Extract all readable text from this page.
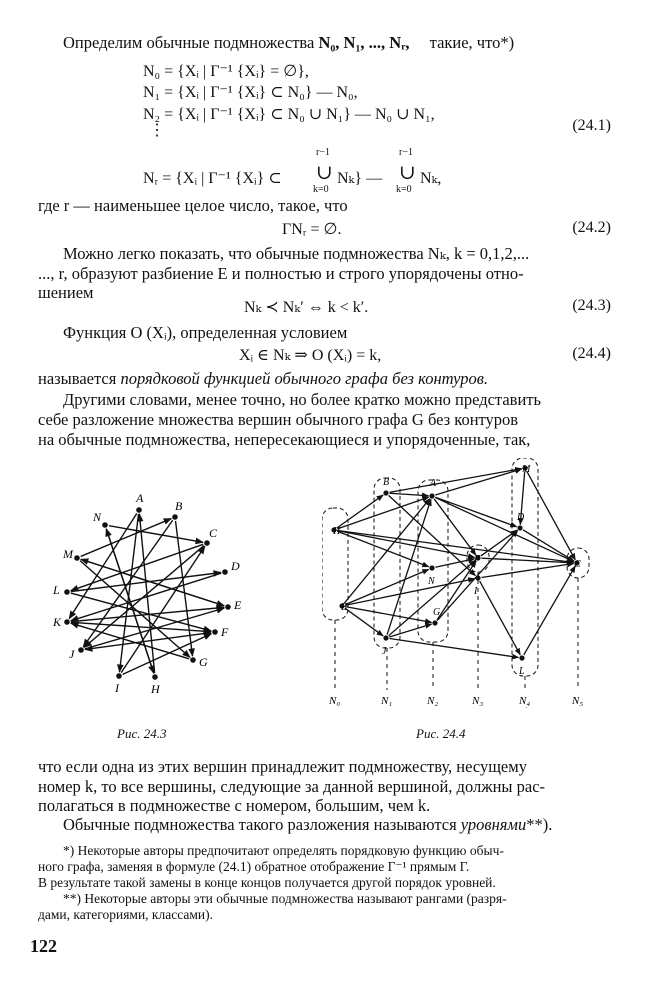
Определим обычные подмножества N₀, N₁, ..., Nᵣ, такие, что*)
N₀ = {Xᵢ | Γ⁻¹ {Xᵢ} = ∅},
N₁ = {Xᵢ | Γ⁻¹ {Xᵢ} ⊂ N₀} — N₀,
N₂ = {Xᵢ | Γ⁻¹ {Xᵢ} ⊂ N₀ ∪ N₁} — N₀ ∪ N₁,
⋮	(24.1)
Nᵣ = {Xᵢ | Γ⁻¹ {Xᵢ} ⊂
r−1
∪
k=0
Nₖ} —
r−1
∪
k=0
Nₖ,
где r — наименьшее целое число, такое, что
ΓNᵣ = ∅.	(24.2)
Можно легко показать, что обычные подмножества Nₖ, k = 0,1,2,...
..., r, образуют разбиение E и полностью и строго упорядочены отно-
шением
Nₖ ≺ Nₖ′ ⇔ k < k′.	(24.3)
Функция O (Xᵢ), определенная условием
Xᵢ ∈ Nₖ ⇒ O (Xᵢ) = k,	(24.4)
называется порядковой функцией обычного графа без контуров.
Другими словами, менее точно, но более кратко можно представить
себе разложение множества вершин обычного графа G без контуров
на обычные подмножества, непересекающиеся и упорядоченные, так,
A
B
C
D
E
F
G
H
I
J
K
L
M
N
Рис. 24.3
H
E
B
J
A
N
G
F
I
M
D
L
C
N₀	N₁	N₂	N₃	N₄	N₅
Рис. 24.4
что если одна из этих вершин принадлежит подмножеству, несущему
номер k, то все вершины, следующие за данной вершиной, должны рас-
полагаться в подмножестве с номером, большим, чем k.
Обычные подмножества такого разложения называются уровнями**).
*) Некоторые авторы предпочитают определять порядковую функцию обыч-
ного графа, заменяя в формуле (24.1) обратное отображение Γ⁻¹ прямым Γ.
В результате такой замены в конце концов получается другой порядок уровней.
**) Некоторые авторы эти обычные подмножества называют рангами (разря-
дами, категориями, классами).
122
